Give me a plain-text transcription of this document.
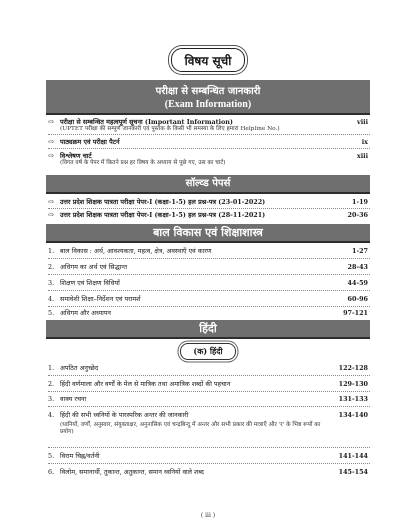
विषय सूची
परीक्षा से सम्बन्धित जानकारी
(Exam Information)
⇨ परीक्षा से सम्बन्धित महत्वपूर्ण सूचना (Important Information)
(UPTET परीक्षा की सम्पूर्ण जानकारी एवं पुस्तक के किसी भी समस्या के लिए हमारा Helpline No.)
viii
⇨ पाठ्यक्रम एवं परीक्षा पैटर्न	ix
⇨ विश्लेषण चार्ट
(विगत वर्ष के पेपर में कितने प्रश्न हर विषय के अध्याय से पूछे गए, उस का चार्ट)
xiii
सॉल्व्ड पेपर्स
⇨ उत्तर प्रदेश शिक्षक पात्रता परीक्षा पेपर-I (कक्षा-1-5) हल प्रश्न-पत्र (23-01-2022)	1-19
⇨ उत्तर प्रदेश शिक्षक पात्रता परीक्षा पेपर-I (कक्षा-1-5) हल प्रश्न-पत्र (28-11-2021)	20-36
बाल विकास एवं शिक्षाशास्त्र
1. बाल विकास : अर्थ, आवश्यकता, महत्व, क्षेत्र, अवस्थाएँ एवं कारण	1-27
2. अधिगम का अर्थ एवं सिद्धान्त	28-43
3. शिक्षण एवं शिक्षण विधियाँ	44-59
4. समावेशी शिक्षा–निर्देशन एवं परामर्श	60-96
5. अधिगम और अध्यापन	97-121
हिंदी
(क) हिंदी
1. अपठित अनुच्छेद	122-128
2. हिंदी वर्णमाला और वर्णों के मेल से मात्रिक तथा अमात्रिक शब्दों की पहचान	129-130
3. वाक्य रचना	131-133
4. हिंदी की सभी ध्वनियों के पारस्परिक अन्तर की जानकारी
(ध्वनियों, वर्णों, अनुस्वार, संयुक्ताक्षर, अनुनासिक एवं चन्द्रबिन्दु में अन्तर और सभी प्रकार की मात्राएँ और 'र' के भिन्न रूपों का प्रयोग)
134-140
5. विराम चिह्न/वर्तनी	141-144
6. विलोम, समानार्थी, तुकान्त, अतुकान्त, समान ध्वनियों वाले शब्द	145-154
( iii )
